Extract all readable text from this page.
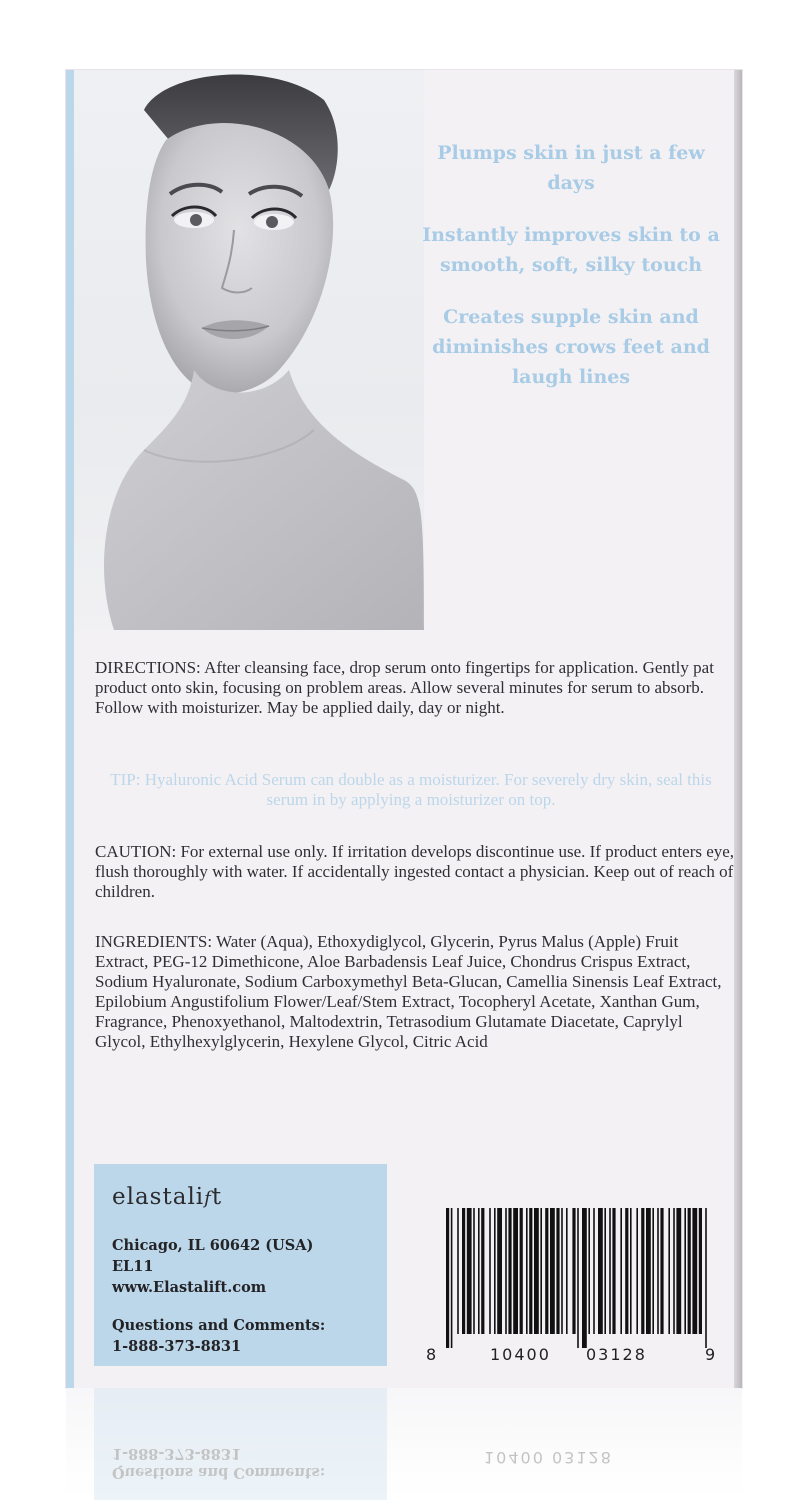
Plumps skin in just a few days
Instantly improves skin to a smooth, soft, silky touch
Creates supple skin and diminishes crows feet and laugh lines
DIRECTIONS: After cleansing face, drop serum onto fingertips for application. Gently pat product onto skin, focusing on problem areas. Allow several minutes for serum to absorb. Follow with moisturizer. May be applied daily, day or night.
TIP: Hyaluronic Acid Serum can double as a moisturizer. For severely dry skin, seal this serum in by applying a moisturizer on top.
CAUTION: For external use only. If irritation develops discontinue use. If product enters eye, flush thoroughly with water. If accidentally ingested contact a physician. Keep out of reach of children.
INGREDIENTS: Water (Aqua), Ethoxydiglycol, Glycerin, Pyrus Malus (Apple) Fruit Extract, PEG-12 Dimethicone, Aloe Barbadensis Leaf Juice, Chondrus Crispus Extract, Sodium Hyaluronate, Sodium Carboxymethyl Beta-Glucan, Camellia Sinensis Leaf Extract, Epilobium Angustifolium Flower/Leaf/Stem Extract, Tocopheryl Acetate, Xanthan Gum, Fragrance, Phenoxyethanol, Maltodextrin, Tetrasodium Glutamate Diacetate, Caprylyl Glycol, Ethylhexylglycerin, Hexylene Glycol, Citric Acid
elastalift
Chicago, IL 60642 (USA)
EL11
www.Elastalift.com
Questions and Comments:
1-888-373-8831	8	10400 03128	9
Questions and Comments:
1-888-373-8831	10400 03128
